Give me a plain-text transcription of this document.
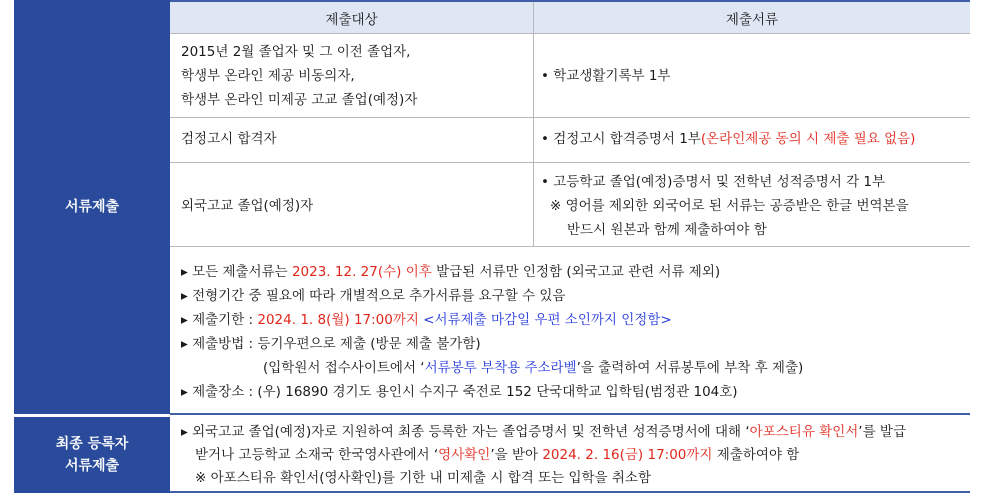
서류제출
최종 등록자
서류제출
제출대상	제출서류
2015년 2월 졸업자 및 그 이전 졸업자,
학생부 온라인 제공 비동의자,
학생부 온라인 미제공 고교 졸업(예정)자
• 학교생활기록부 1부
검정고시 합격자	• 검정고시 합격증명서 1부(온라인제공 동의 시 제출 필요 없음)
외국고교 졸업(예정)자
• 고등학교 졸업(예정)증명서 및 전학년 성적증명서 각 1부
※ 영어를 제외한 외국어로 된 서류는 공증받은 한글 번역본을
반드시 원본과 함께 제출하여야 함
▸ 모든 제출서류는 2023. 12. 27(수) 이후 발급된 서류만 인정함 (외국고교 관련 서류 제외)
▸ 전형기간 중 필요에 따라 개별적으로 추가서류를 요구할 수 있음
▸ 제출기한 : 2024. 1. 8(월) 17:00까지 <서류제출 마감일 우편 소인까지 인정함>
▸ 제출방법 : 등기우편으로 제출 (방문 제출 불가함)
(입학원서 접수사이트에서 ‘서류봉투 부착용 주소라벨’을 출력하여 서류봉투에 부착 후 제출)
▸ 제출장소 : (우) 16890 경기도 용인시 수지구 죽전로 152 단국대학교 입학팀(범정관 104호)
▸ 외국고교 졸업(예정)자로 지원하여 최종 등록한 자는 졸업증명서 및 전학년 성적증명서에 대해 ‘아포스티유 확인서’를 발급
받거나 고등학교 소재국 한국영사관에서 ‘영사확인’을 받아 2024. 2. 16(금) 17:00까지 제출하여야 함
※ 아포스티유 확인서(영사확인)를 기한 내 미제출 시 합격 또는 입학을 취소함
